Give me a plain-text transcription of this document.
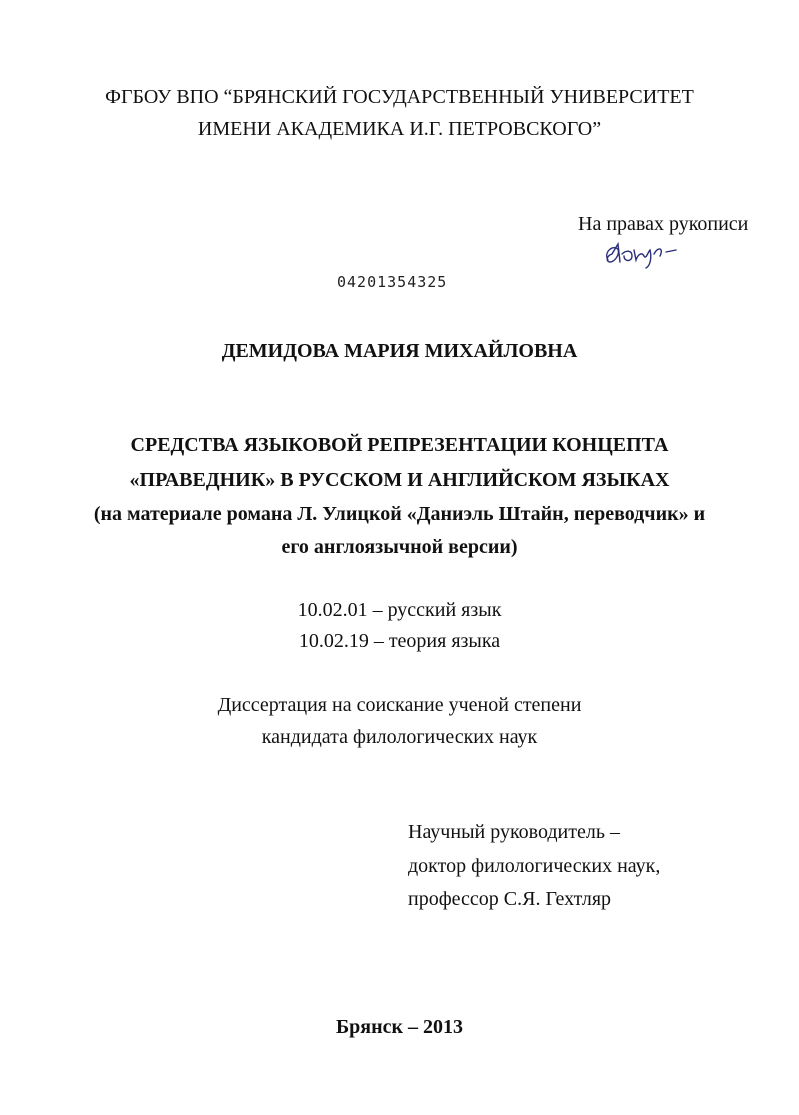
ФГБОУ ВПО “БРЯНСКИЙ ГОСУДАРСТВЕННЫЙ УНИВЕРСИТЕТ
ИМЕНИ АКАДЕМИКА И.Г. ПЕТРОВСКОГО”
На правах рукописи
04201354325
ДЕМИДОВА МАРИЯ МИХАЙЛОВНА
СРЕДСТВА ЯЗЫКОВОЙ РЕПРЕЗЕНТАЦИИ КОНЦЕПТА
«ПРАВЕДНИК» В РУССКОМ И АНГЛИЙСКОМ ЯЗЫКАХ
(на материале романа Л. Улицкой «Даниэль Штайн, переводчик» и
его англоязычной версии)
10.02.01 – русский язык
10.02.19 – теория языка
Диссертация на соискание ученой степени
кандидата филологических наук
Научный руководитель –
доктор филологических наук,
профессор С.Я. Гехтляр
Брянск – 2013
